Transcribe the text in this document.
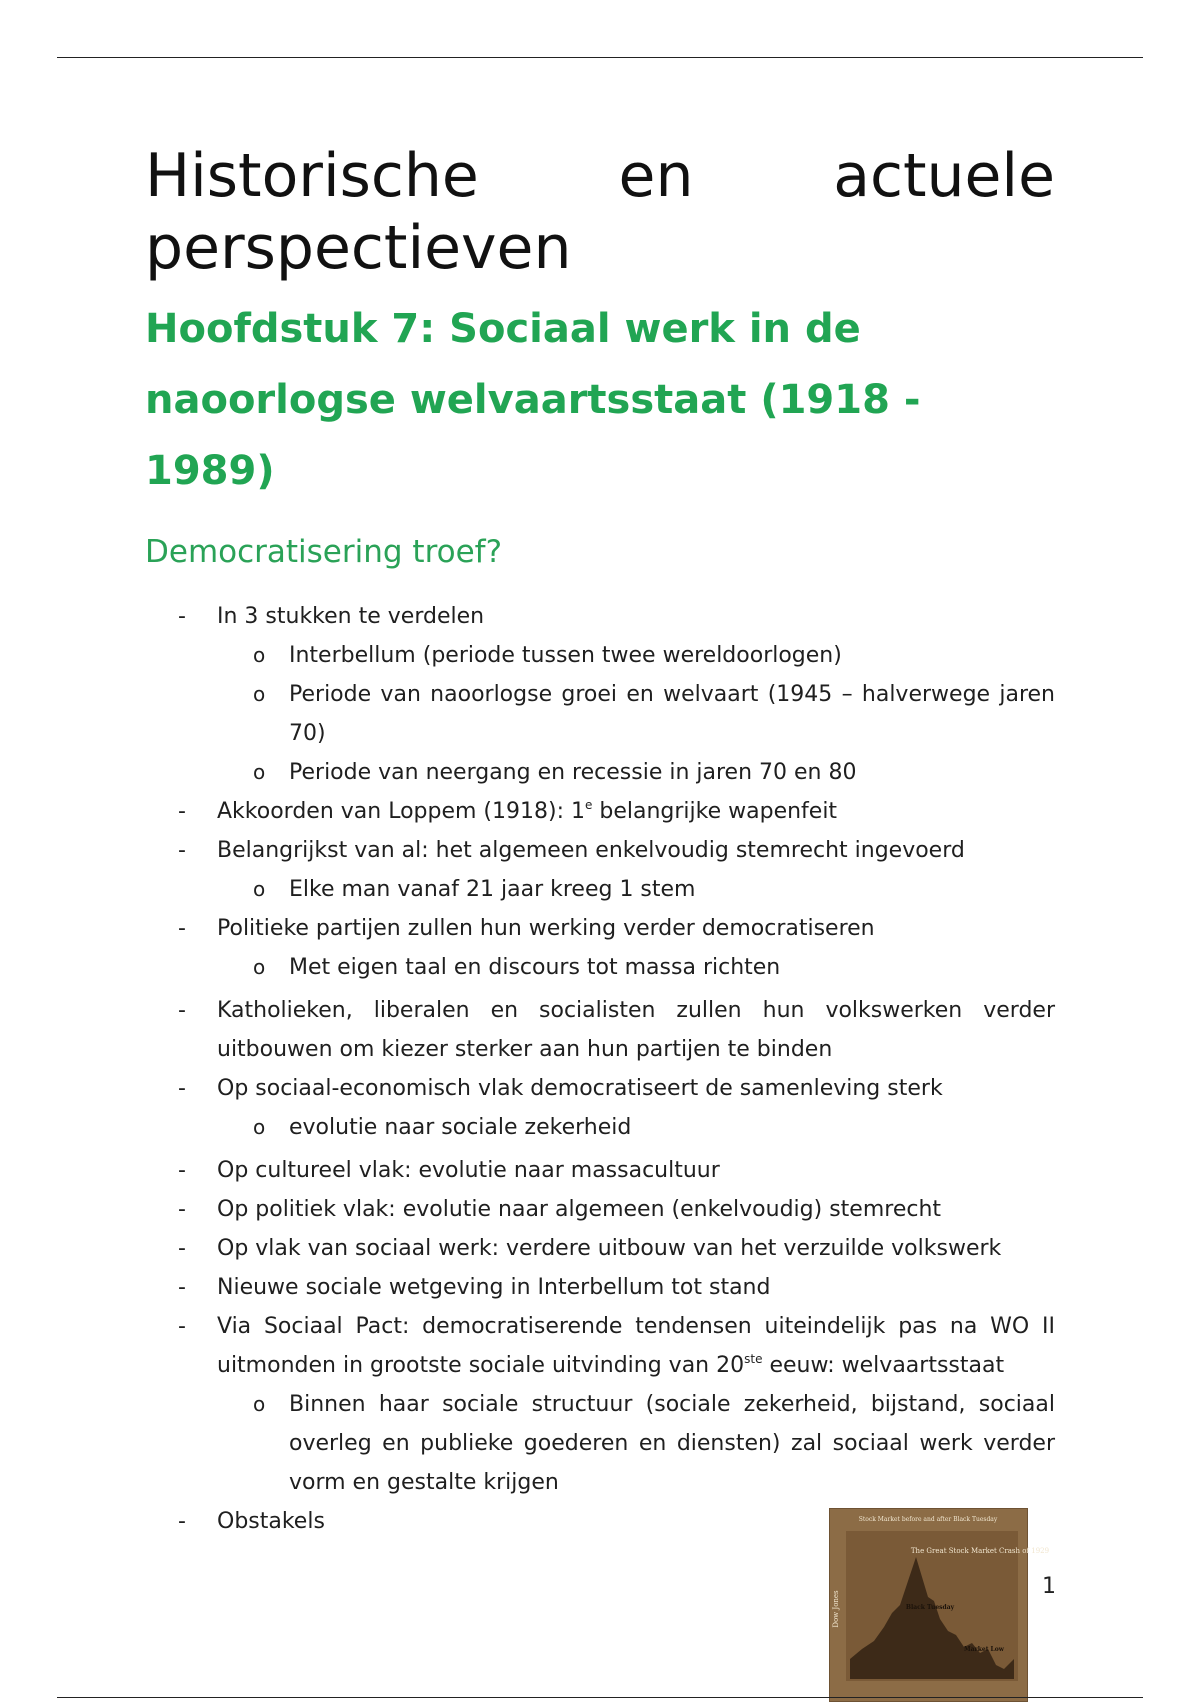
Historische en actuele perspectieven
Hoofdstuk 7: Sociaal werk in de naoorlogse welvaartsstaat (1918 - 1989)
Democratisering troef?
- In 3 stukken te verdelen
o Interbellum (periode tussen twee wereldoorlogen)
o Periode van naoorlogse groei en welvaart (1945 – halverwege jaren 70)
o Periode van neergang en recessie in jaren 70 en 80
- Akkoorden van Loppem (1918): 1e belangrijke wapenfeit
- Belangrijkst van al: het algemeen enkelvoudig stemrecht ingevoerd
o Elke man vanaf 21 jaar kreeg 1 stem
- Politieke partijen zullen hun werking verder democratiseren
o Met eigen taal en discours tot massa richten
- Katholieken, liberalen en socialisten zullen hun volkswerken verder uitbouwen om kiezer sterker aan hun partijen te binden
- Op sociaal-economisch vlak democratiseert de samenleving sterk
o evolutie naar sociale zekerheid
- Op cultureel vlak: evolutie naar massacultuur
- Op politiek vlak: evolutie naar algemeen (enkelvoudig) stemrecht
- Op vlak van sociaal werk: verdere uitbouw van het verzuilde volkswerk
- Nieuwe sociale wetgeving in Interbellum tot stand
- Via Sociaal Pact: democratiserende tendensen uiteindelijk pas na WO II uitmonden in grootste sociale uitvinding van 20ste eeuw: welvaartsstaat
o Binnen haar sociale structuur (sociale zekerheid, bijstand, sociaal overleg en publieke goederen en diensten) zal sociaal werk verder vorm en gestalte krijgen
- Obstakels	Stock Market before and after Black Tuesday
Dow Jones
The Great Stock Market Crash of 1929
Black Tuesday
Market Low
1
